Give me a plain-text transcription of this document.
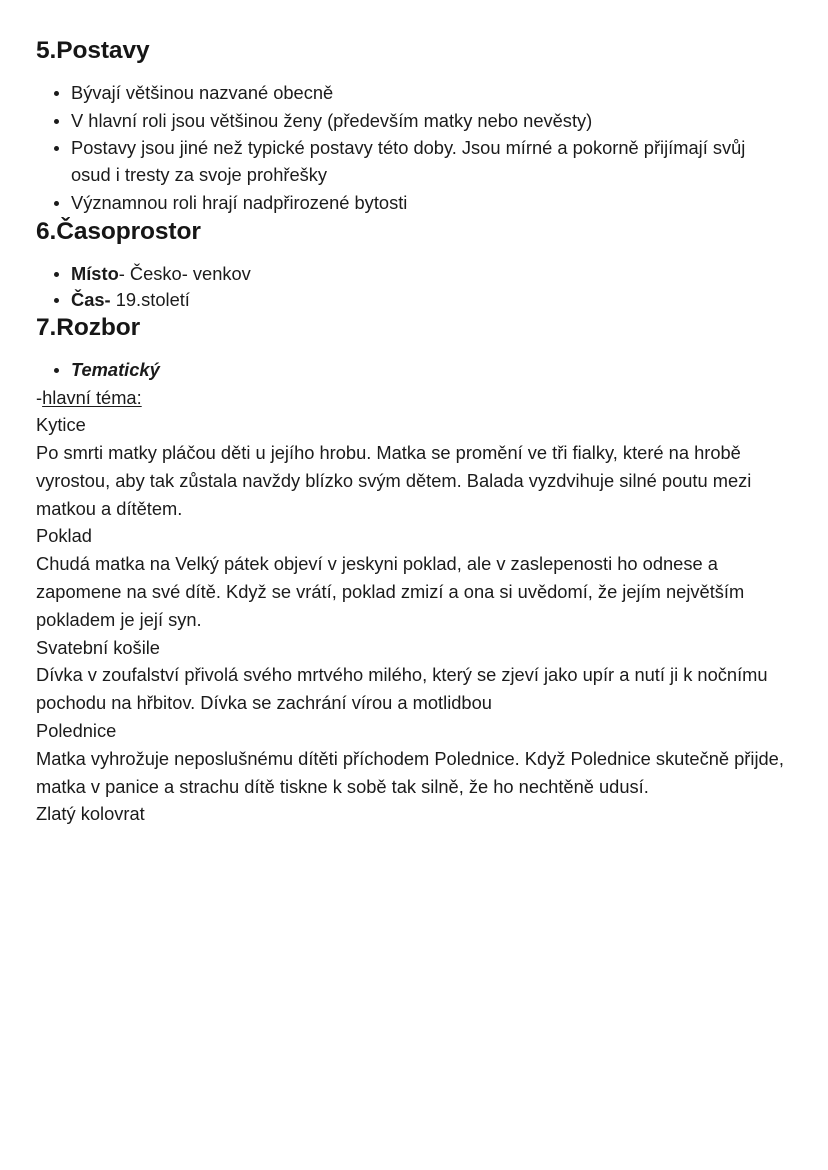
5.Postavy
Bývají většinou nazvané obecně
V hlavní roli jsou většinou ženy (především matky nebo nevěsty)
Postavy jsou jiné než typické postavy této doby. Jsou mírné a pokorně přijímají svůj osud i tresty za svoje prohřešky
Významnou roli hrají nadpřirozené bytosti
6.Časoprostor
Místo- Česko- venkov
Čas- 19.století
7.Rozbor
Tematický

-hlavní téma:

Kytice

Po smrti matky pláčou děti u jejího hrobu. Matka se promění ve tři fialky, které na hrobě vyrostou, aby tak zůstala navždy blízko svým dětem. Balada vyzdvihuje silné poutu mezi matkou a dítětem.

Poklad

Chudá matka na Velký pátek objeví v jeskyni poklad, ale v zaslepenosti ho odnese a zapomene na své dítě. Když se vrátí, poklad zmizí a ona si uvědomí, že jejím největším pokladem je její syn.

Svatební košile

Dívka v zoufalství přivolá svého mrtvého milého, který se zjeví jako upír a nutí ji k nočnímu pochodu na hřbitov. Dívka se zachrání vírou a motlidbou

Polednice

Matka vyhrožuje neposlušnému dítěti příchodem Polednice. Když Polednice skutečně přijde, matka v panice a strachu dítě tiskne k sobě tak silně, že ho nechtěně udusí.

Zlatý kolovrat
